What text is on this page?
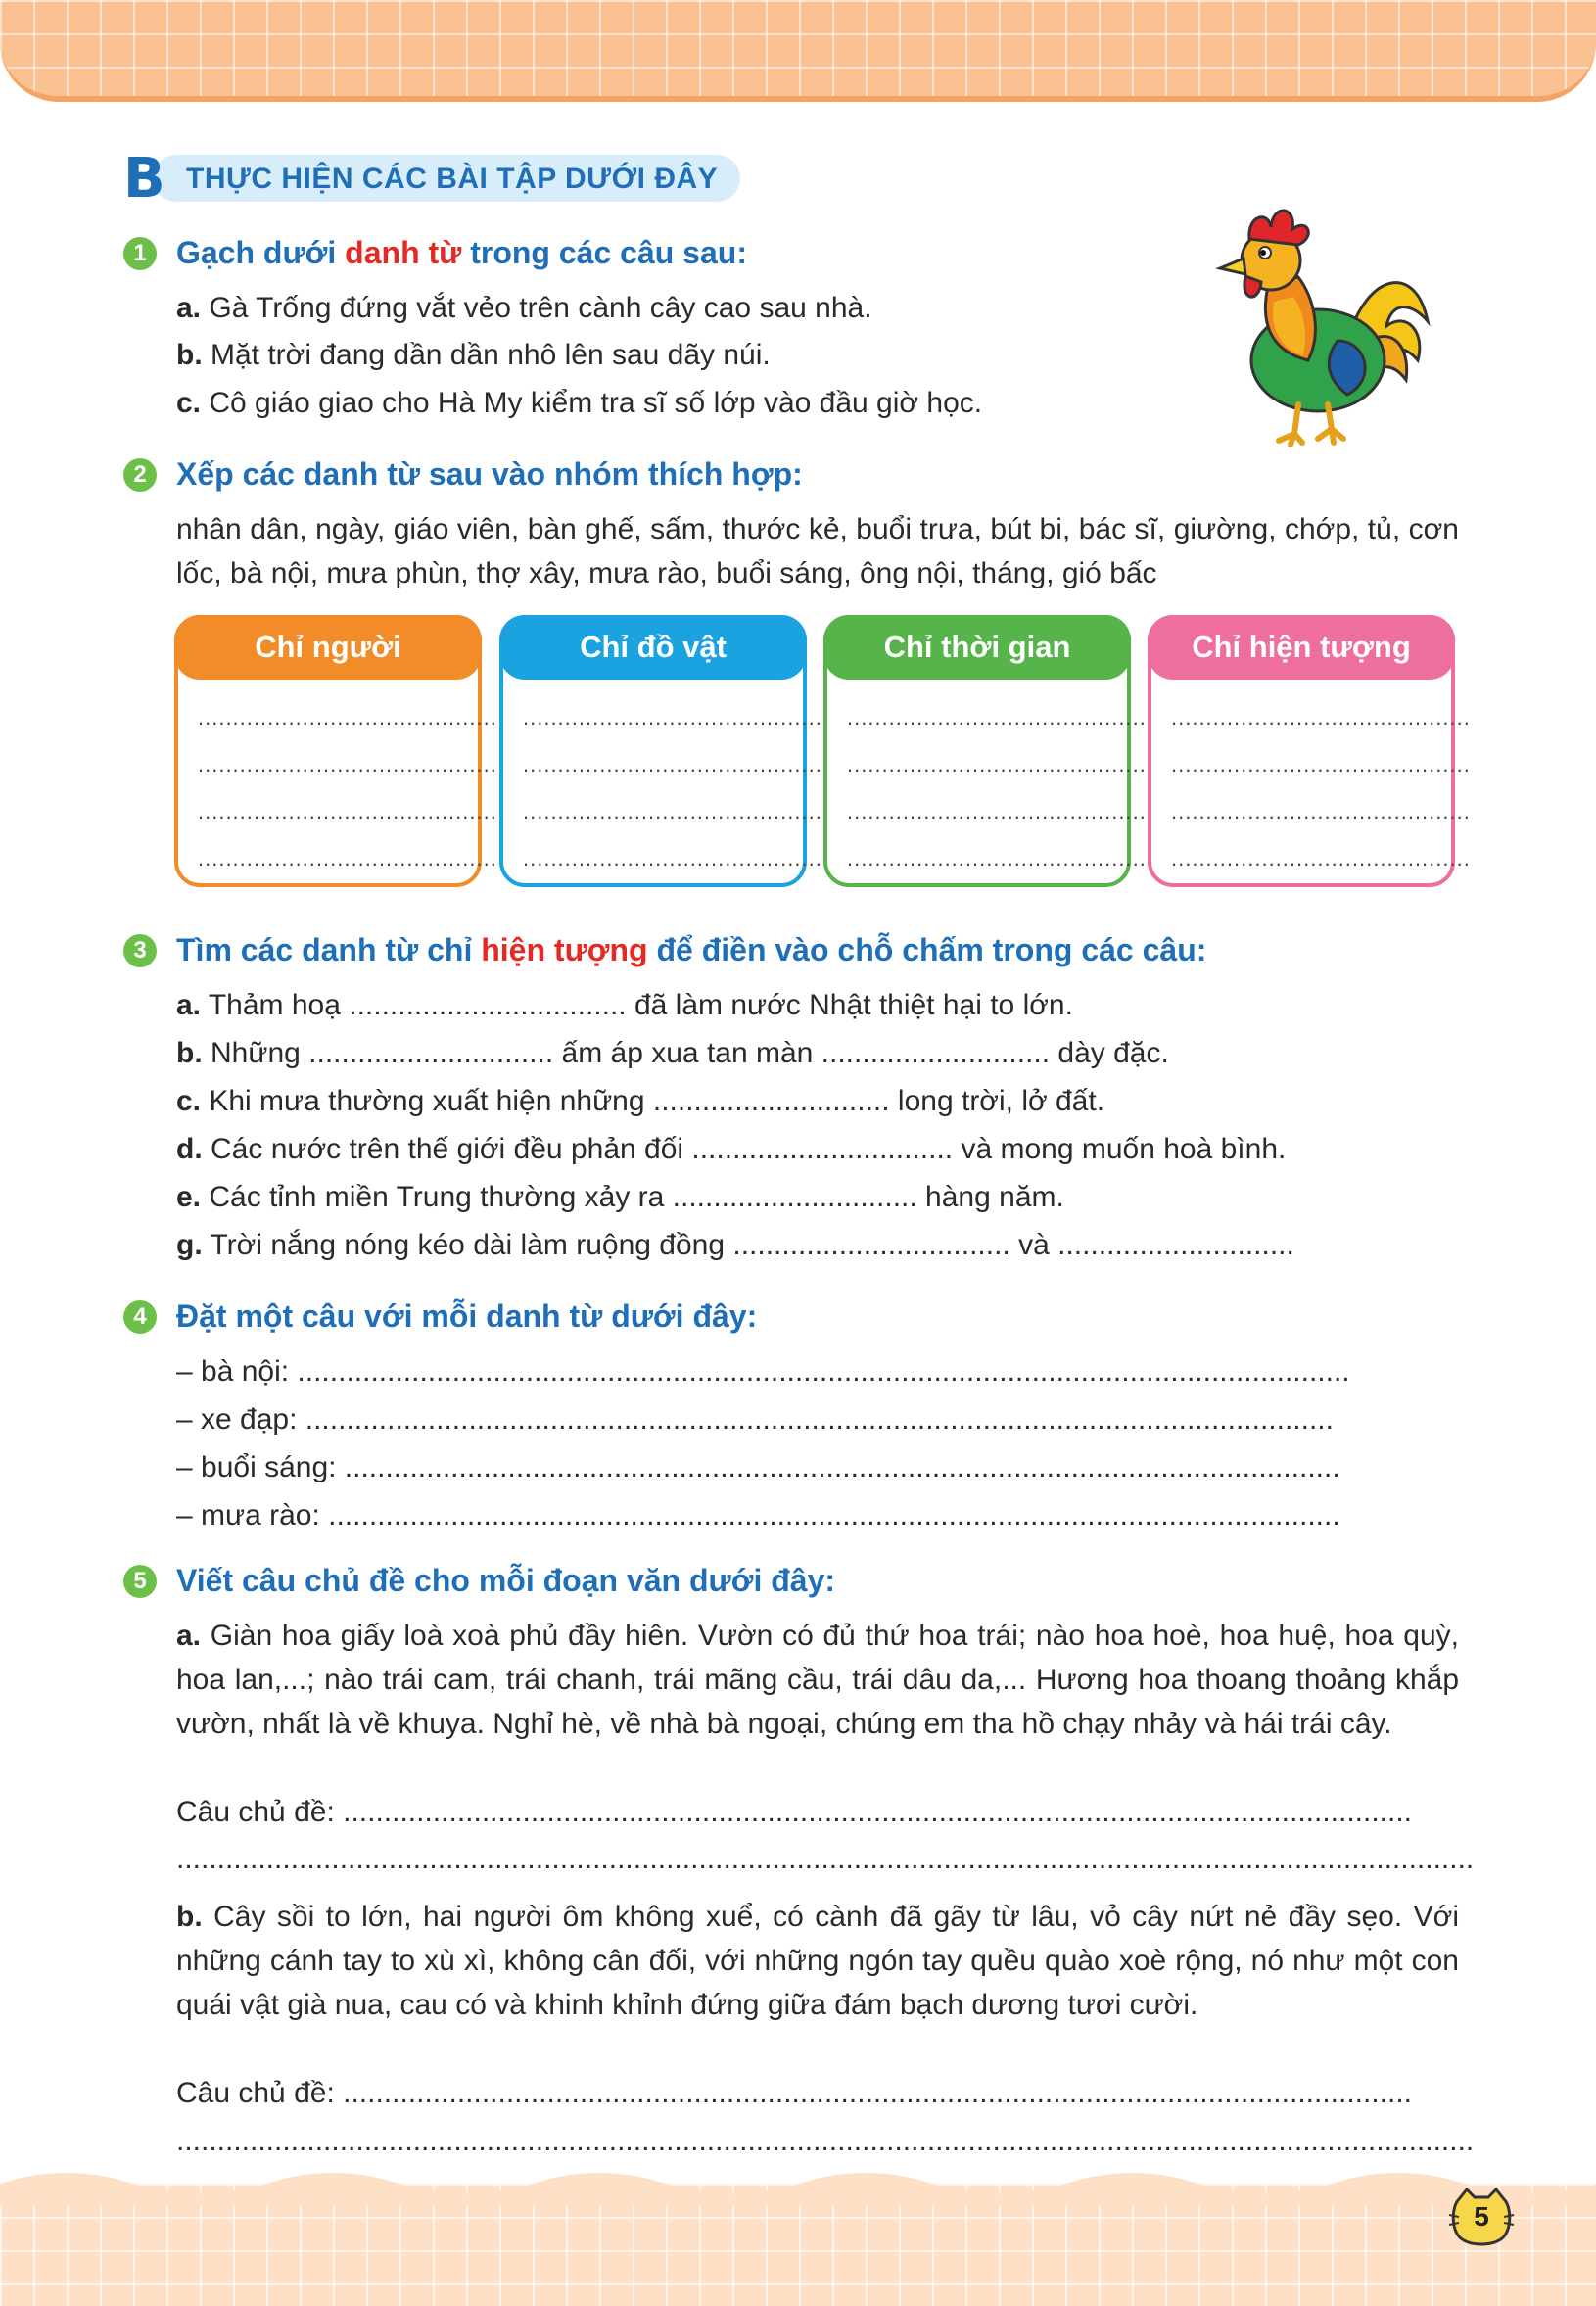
B THỰC HIỆN CÁC BÀI TẬP DƯỚI ĐÂY
1 Gạch dưới danh từ trong các câu sau:
a. Gà Trống đứng vắt vẻo trên cành cây cao sau nhà.
b. Mặt trời đang dần dần nhô lên sau dãy núi.
c. Cô giáo giao cho Hà My kiểm tra sĩ số lớp vào đầu giờ học.
2 Xếp các danh từ sau vào nhóm thích hợp:
nhân dân, ngày, giáo viên, bàn ghế, sấm, thước kẻ, buổi trưa, bút bi, bác sĩ, giường, chớp, tủ, cơn lốc, bà nội, mưa phùn, thợ xây, mưa rào, buổi sáng, ông nội, tháng, gió bấc
Chỉ người
...........................................
...........................................
...........................................
...........................................
Chỉ đồ vật
...........................................
...........................................
...........................................
...........................................
Chỉ thời gian
...........................................
...........................................
...........................................
...........................................
Chỉ hiện tượng
...........................................
...........................................
...........................................
...........................................
3 Tìm các danh từ chỉ hiện tượng để điền vào chỗ chấm trong các câu:
a. Thảm hoạ .................................. đã làm nước Nhật thiệt hại to lớn.
b. Những .............................. ấm áp xua tan màn ............................ dày đặc.
c. Khi mưa thường xuất hiện những ............................. long trời, lở đất.
d. Các nước trên thế giới đều phản đối ................................ và mong muốn hoà bình.
e. Các tỉnh miền Trung thường xảy ra .............................. hàng năm.
g. Trời nắng nóng kéo dài làm ruộng đồng .................................. và .............................
4 Đặt một câu với mỗi danh từ dưới đây:
– bà nội: .................................................................................................................................
– xe đạp: ..............................................................................................................................
– buổi sáng: ..........................................................................................................................
– mưa rào: ............................................................................................................................
5 Viết câu chủ đề cho mỗi đoạn văn dưới đây:
a. Giàn hoa giấy loà xoà phủ đầy hiên. Vườn có đủ thứ hoa trái; nào hoa hoè, hoa huệ, hoa quỳ, hoa lan,...; nào trái cam, trái chanh, trái mãng cầu, trái dâu da,... Hương hoa thoang thoảng khắp vườn, nhất là về khuya. Nghỉ hè, về nhà bà ngoại, chúng em tha hồ chạy nhảy và hái trái cây.
Câu chủ đề: ...................................................................................................................................
...............................................................................................................................................................
b. Cây sồi to lớn, hai người ôm không xuể, có cành đã gãy từ lâu, vỏ cây nứt nẻ đầy sẹo. Với những cánh tay to xù xì, không cân đối, với những ngón tay quều quào xoè rộng, nó như một con quái vật già nua, cau có và khinh khỉnh đứng giữa đám bạch dương tươi cười.
Câu chủ đề: ...................................................................................................................................
...............................................................................................................................................................
5
